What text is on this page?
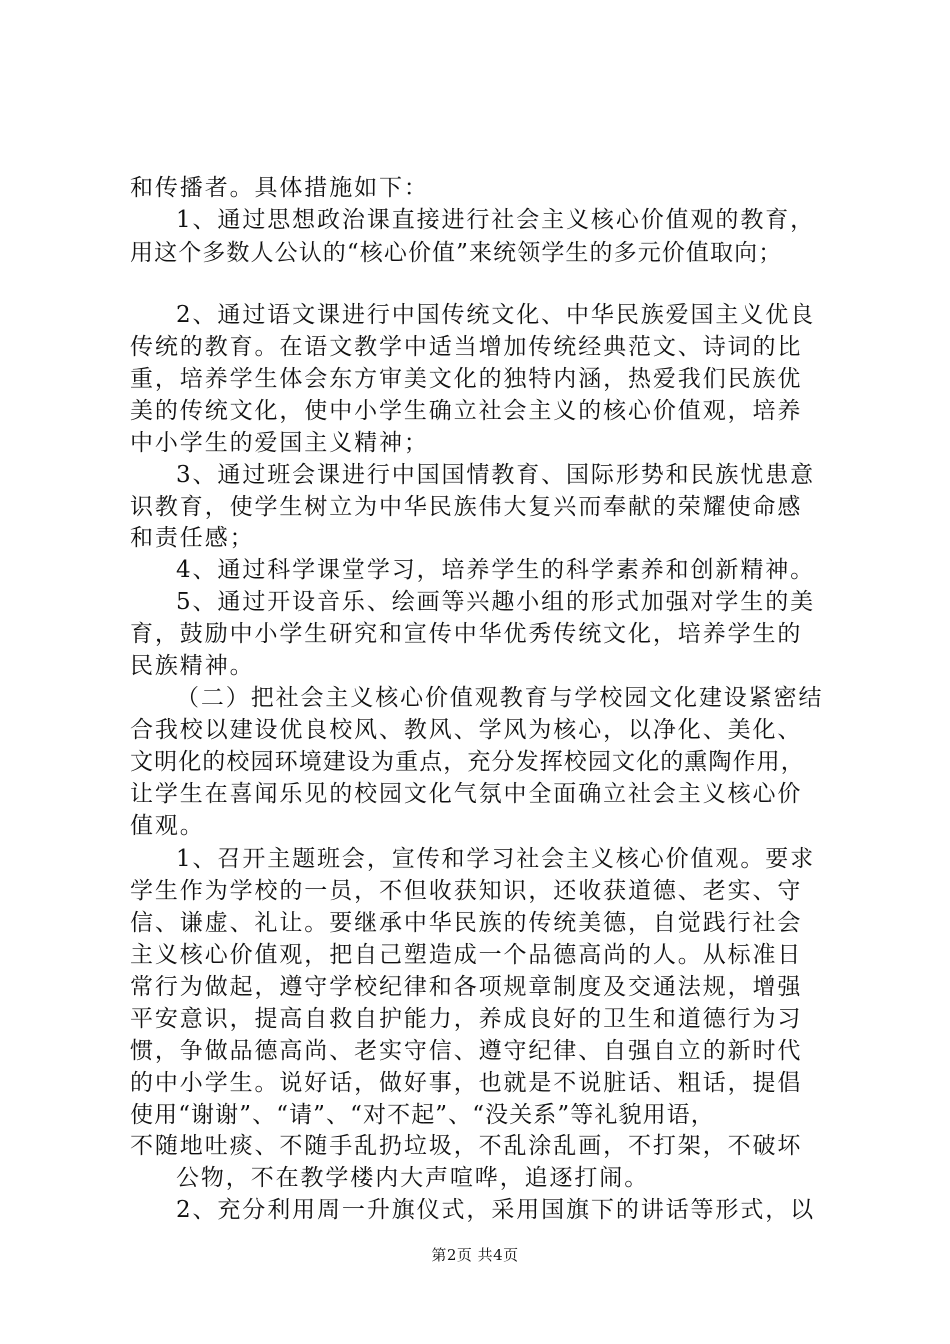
和传播者。具体措施如下：
1、通过思想政治课直接进行社会主义核心价值观的教育，
用这个多数人公认的“核心价值”来统领学生的多元价值取向；
2、通过语文课进行中国传统文化、中华民族爱国主义优良
传统的教育。在语文教学中适当增加传统经典范文、诗词的比
重，培养学生体会东方审美文化的独特内涵，热爱我们民族优
美的传统文化，使中小学生确立社会主义的核心价值观，培养
中小学生的爱国主义精神；
3、通过班会课进行中国国情教育、国际形势和民族忧患意
识教育，使学生树立为中华民族伟大复兴而奉献的荣耀使命感
和责任感；
4、通过科学课堂学习，培养学生的科学素养和创新精神。
5、通过开设音乐、绘画等兴趣小组的形式加强对学生的美
育，鼓励中小学生研究和宣传中华优秀传统文化，培养学生的
民族精神。
（二）把社会主义核心价值观教育与学校园文化建设紧密结
合我校以建设优良校风、教风、学风为核心，以净化、美化、
文明化的校园环境建设为重点，充分发挥校园文化的熏陶作用，
让学生在喜闻乐见的校园文化气氛中全面确立社会主义核心价
值观。
1、召开主题班会，宣传和学习社会主义核心价值观。要求
学生作为学校的一员，不但收获知识，还收获道德、老实、守
信、谦虚、礼让。要继承中华民族的传统美德，自觉践行社会
主义核心价值观，把自己塑造成一个品德高尚的人。从标准日
常行为做起，遵守学校纪律和各项规章制度及交通法规，增强
平安意识，提高自救自护能力，养成良好的卫生和道德行为习
惯，争做品德高尚、老实守信、遵守纪律、自强自立的新时代
的中小学生。说好话，做好事，也就是不说脏话、粗话，提倡
使用“谢谢”、“请”、“对不起”、“没关系”等礼貌用语，
不随地吐痰、不随手乱扔垃圾，不乱涂乱画，不打架，不破坏
公物，不在教学楼内大声喧哗，追逐打闹。
2、充分利用周一升旗仪式，采用国旗下的讲话等形式，以
第2页 共4页
